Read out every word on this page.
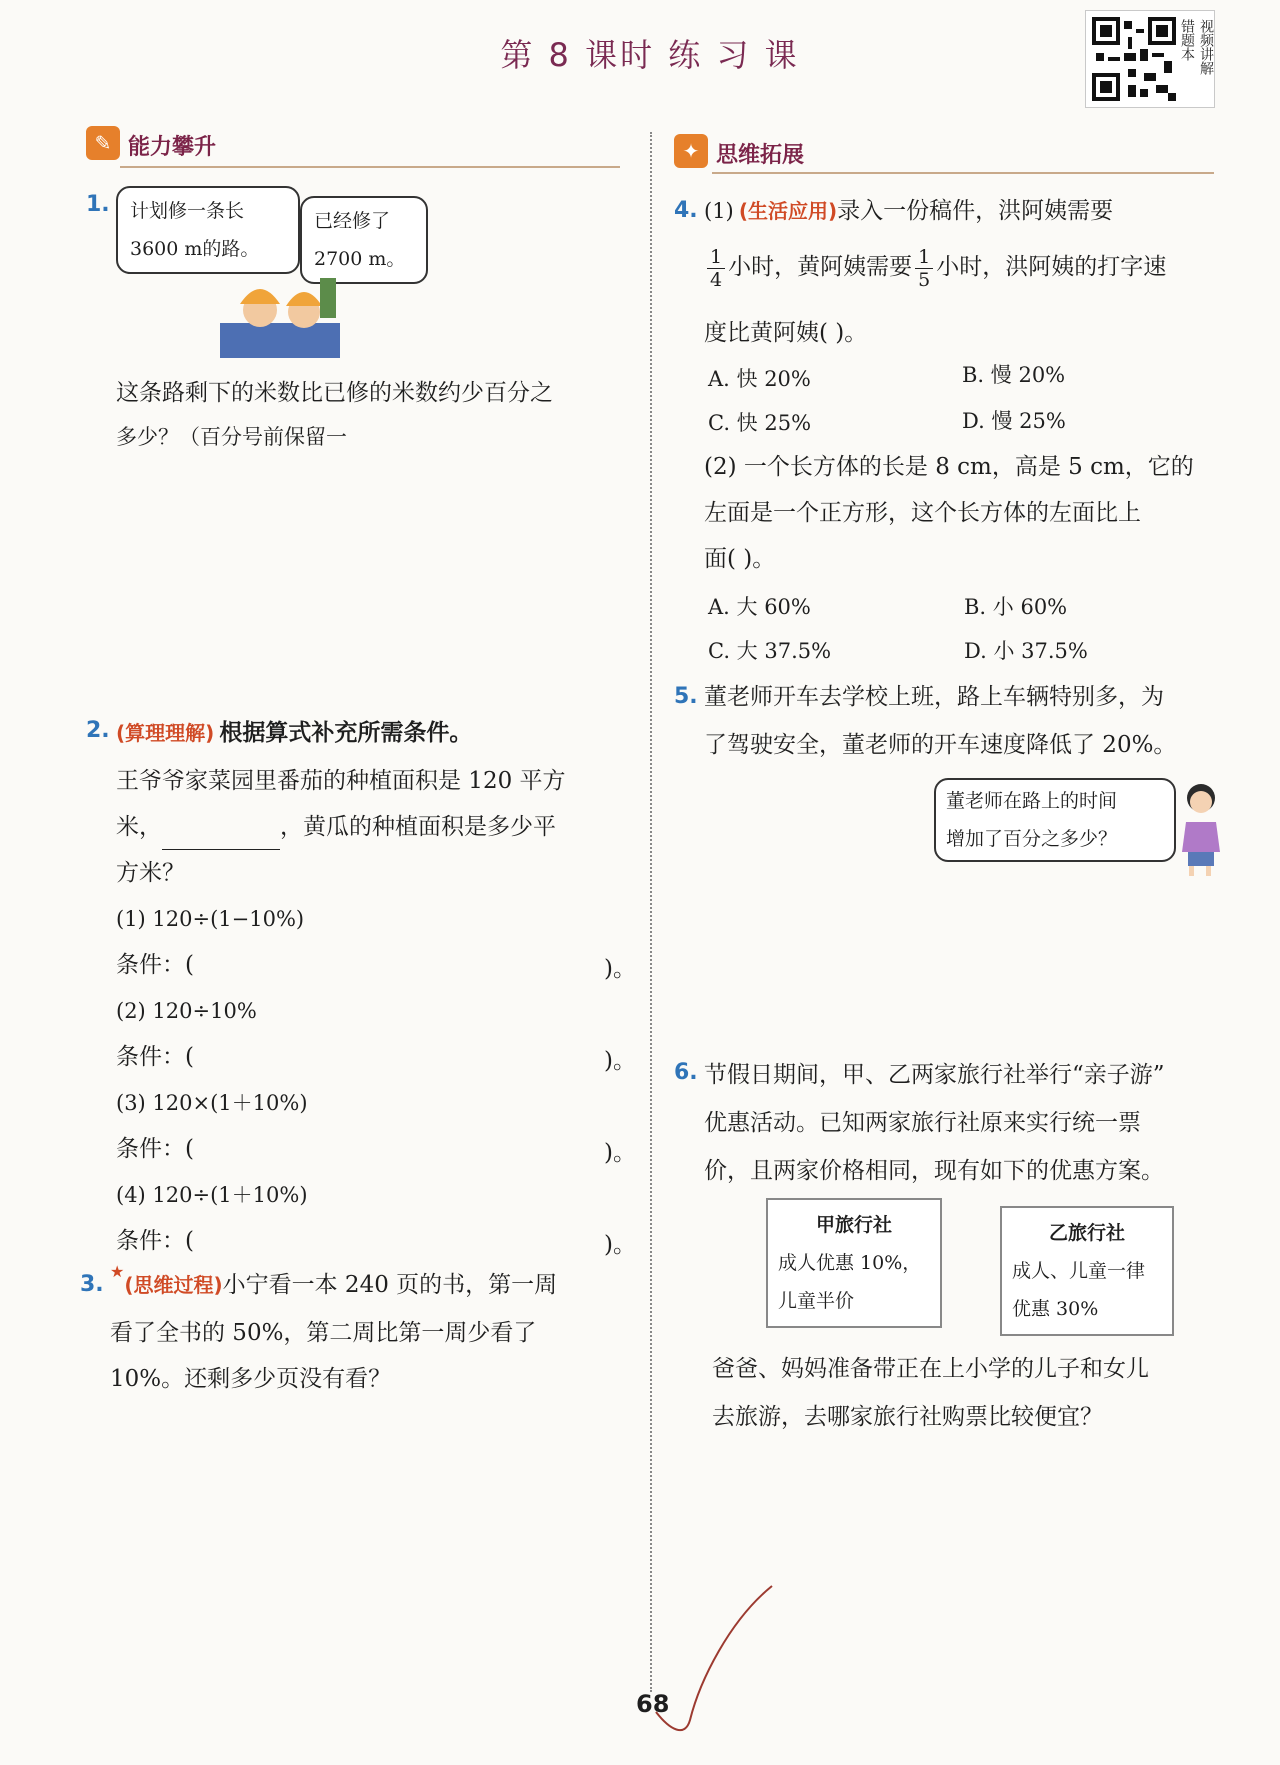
第 8 课时 练 习 课	错题本 视频讲解
✎ 能力攀升	✦ 思维拓展
1. 计划修一条长
3600 m的路。
已经修了
2700 m。
这条路剩下的米数比已修的米数约少百分之
多少？（百分号前保留一
2. (算理理解) 根据算式补充所需条件。
王爷爷家菜园里番茄的种植面积是 120 平方
米，	，黄瓜的种植面积是多少平
方米？
(1) 120÷(1−10%)
条件：(	)。
(2) 120÷10%
条件：(	)。
(3) 120×(1＋10%)
条件：(	)。
(4) 120÷(1＋10%)
条件：(	)。
3.
★(思维过程)小宁看一本 240 页的书，第一周
看了全书的 50%，第二周比第一周少看了
10%。还剩多少页没有看？
4. (1) (生活应用)录入一份稿件，洪阿姨需要
$\frac{1}{4}$ 小时，黄阿姨需要 $\frac{1}{5}$ 小时，洪阿姨的打字速
度比黄阿姨( )。
A. 快 20%	B. 慢 20%
C. 快 25%	D. 慢 25%
(2) 一个长方体的长是 8 cm，高是 5 cm，它的
左面是一个正方形，这个长方体的左面比上
面( )。
A. 大 60%	B. 小 60%
C. 大 37.5%	D. 小 37.5%
5. 董老师开车去学校上班，路上车辆特别多，为
了驾驶安全，董老师的开车速度降低了 20%。
董老师在路上的时间
增加了百分之多少？
6. 节假日期间，甲、乙两家旅行社举行“亲子游”
优惠活动。已知两家旅行社原来实行统一票
价，且两家价格相同，现有如下的优惠方案。
甲旅行社
成人优惠 10%，
儿童半价
乙旅行社
成人、儿童一律
优惠 30%
爸爸、妈妈准备带正在上小学的儿子和女儿
去旅游，去哪家旅行社购票比较便宜？
68
